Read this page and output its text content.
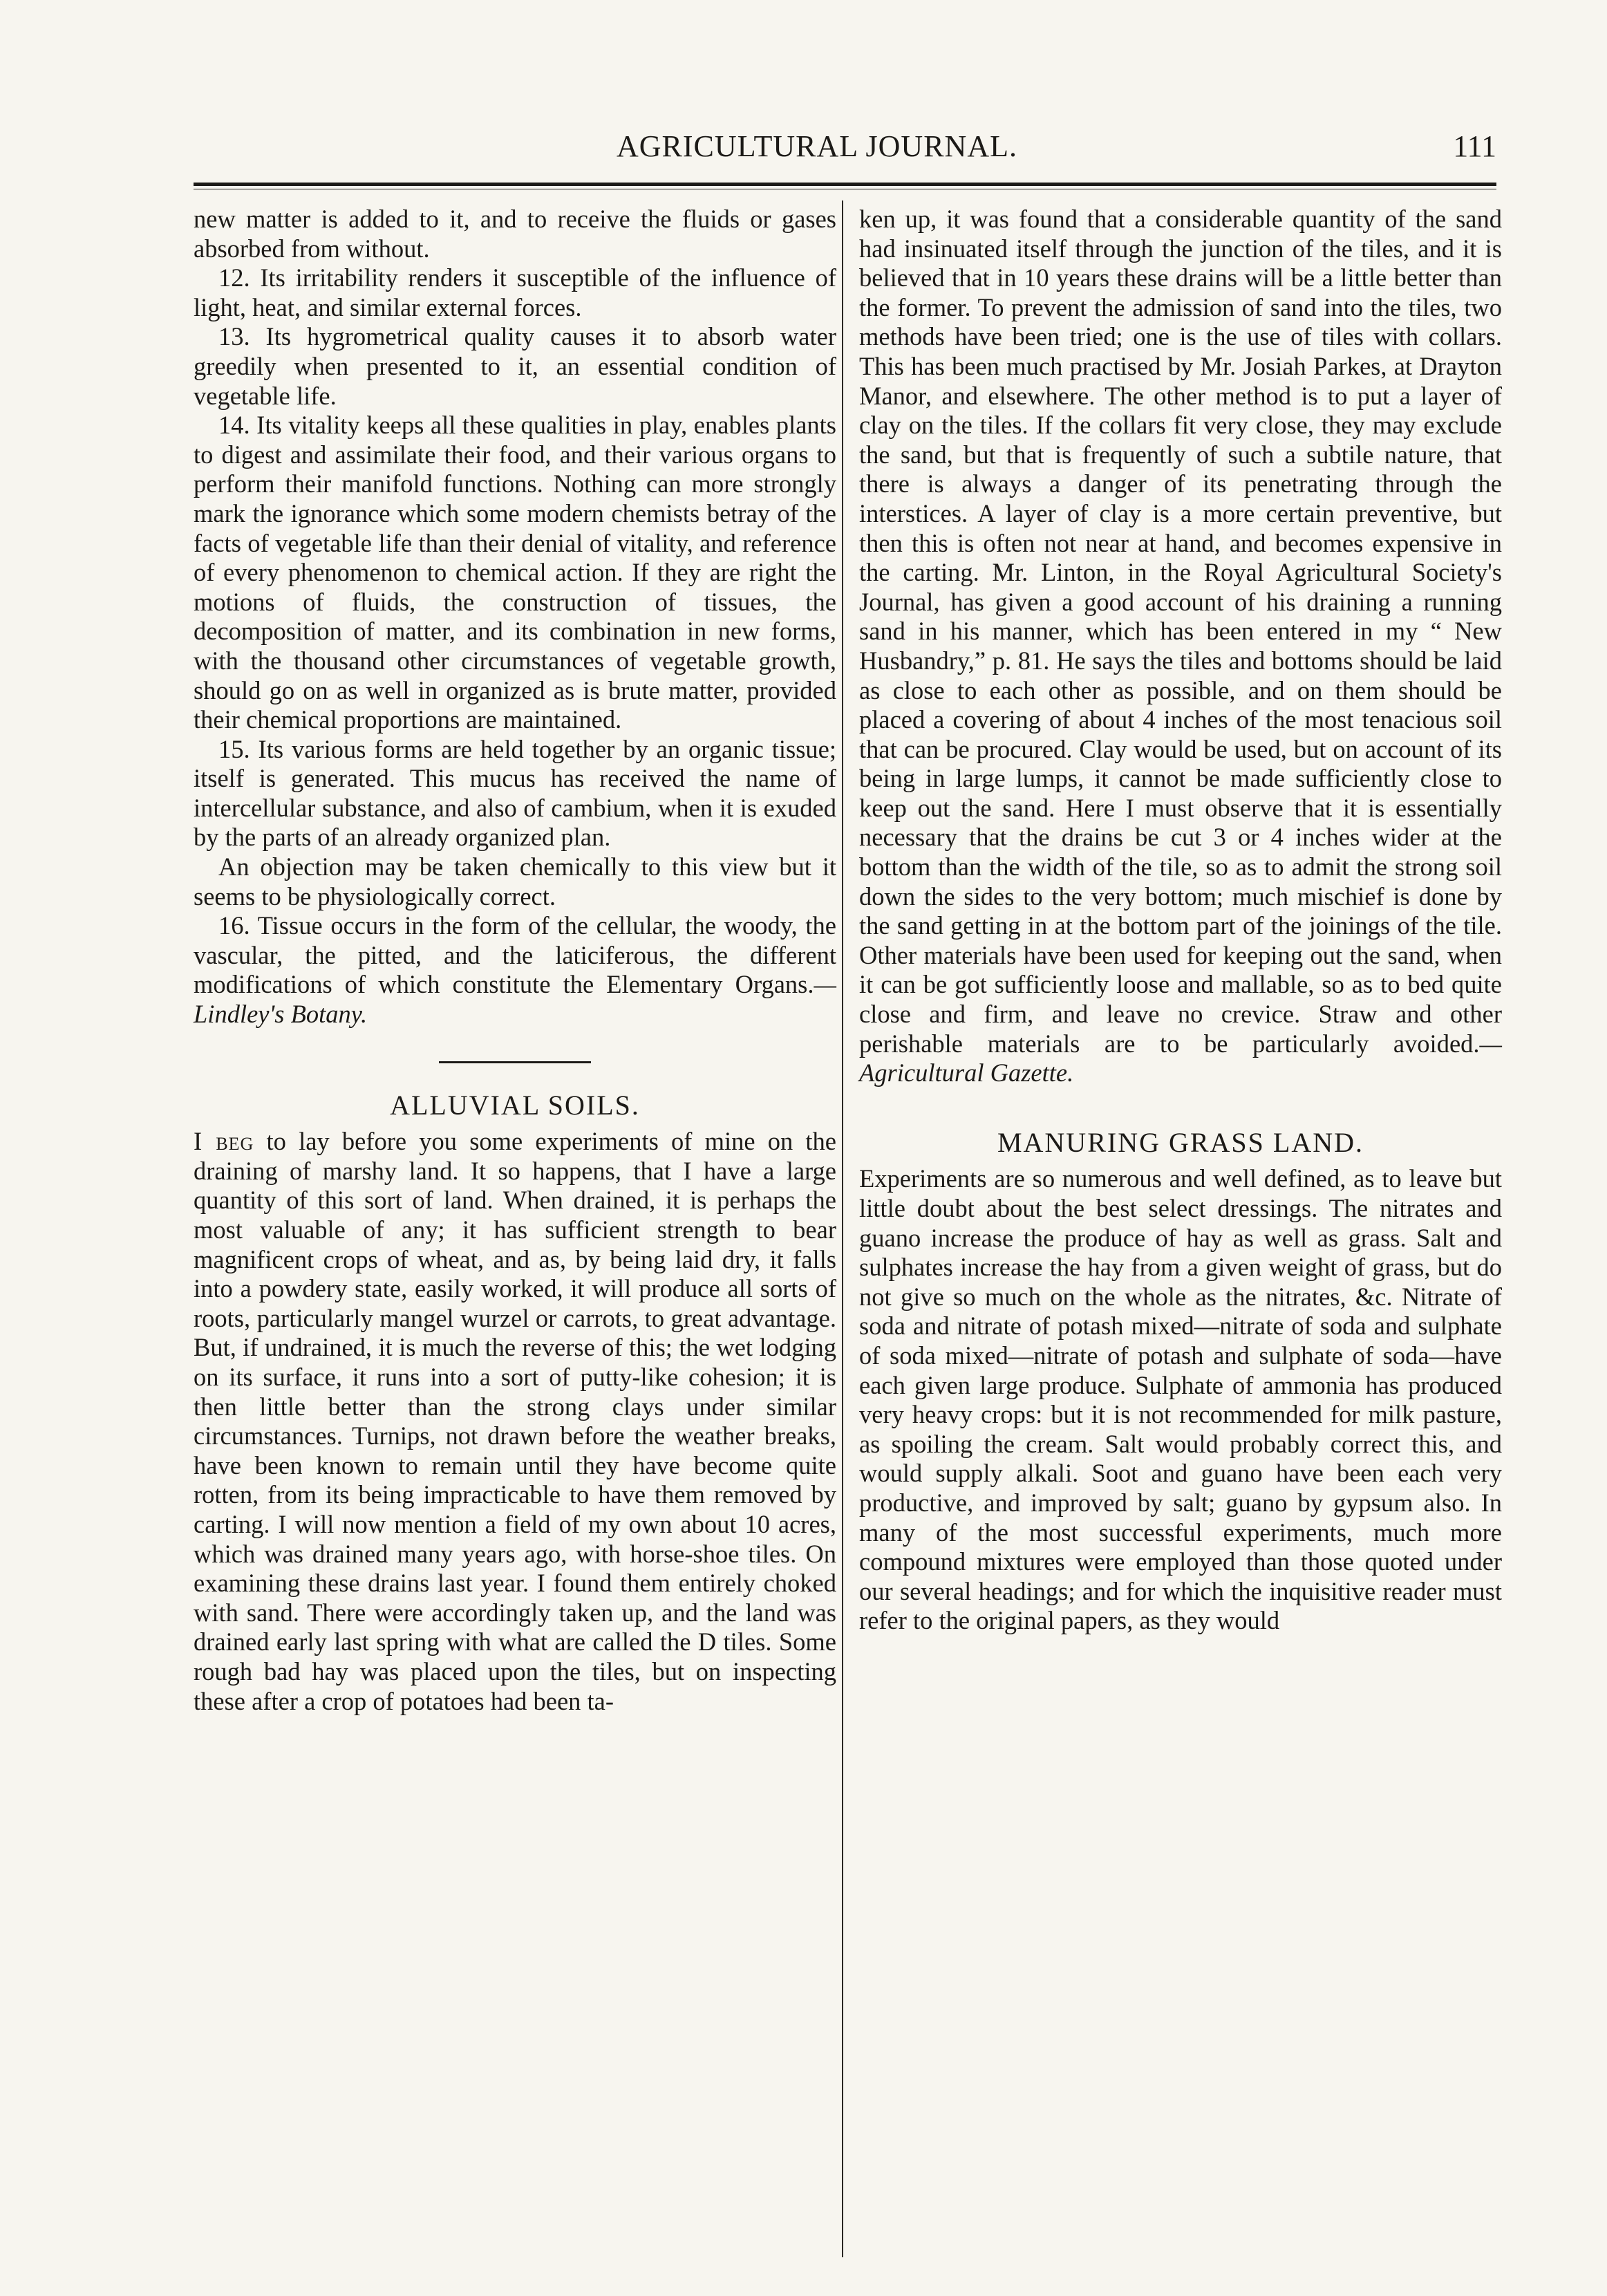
AGRICULTURAL JOURNAL.	111

new matter is added to it, and to receive the fluids or gases absorbed from without.

12. Its irritability renders it susceptible of the influence of light, heat, and similar external forces.

13. Its hygrometrical quality causes it to absorb water greedily when presented to it, an essential condition of vegetable life.

14. Its vitality keeps all these qualities in play, enables plants to digest and assimilate their food, and their various organs to perform their manifold functions. Nothing can more strongly mark the ignorance which some modern chemists betray of the facts of vegetable life than their denial of vitality, and reference of every phenomenon to chemical action. If they are right the motions of fluids, the construction of tissues, the decomposition of matter, and its combination in new forms, with the thousand other circumstances of vegetable growth, should go on as well in organized as is brute matter, provided their chemical proportions are maintained.

15. Its various forms are held together by an organic tissue; itself is generated. This mucus has received the name of intercellular substance, and also of cambium, when it is exuded by the parts of an already organized plan.

An objection may be taken chemically to this view but it seems to be physiologically correct.

16. Tissue occurs in the form of the cellular, the woody, the vascular, the pitted, and the laticiferous, the different modifications of which constitute the Elementary Organs.—Lindley's Botany.

ALLUVIAL SOILS.

I beg to lay before you some experiments of mine on the draining of marshy land. It so happens, that I have a large quantity of this sort of land. When drained, it is perhaps the most valuable of any; it has sufficient strength to bear magnificent crops of wheat, and as, by being laid dry, it falls into a powdery state, easily worked, it will produce all sorts of roots, particularly mangel wurzel or carrots, to great advantage. But, if undrained, it is much the reverse of this; the wet lodging on its surface, it runs into a sort of putty-like cohesion; it is then little better than the strong clays under similar circumstances. Turnips, not drawn before the weather breaks, have been known to remain until they have become quite rotten, from its being impracticable to have them removed by carting. I will now mention a field of my own about 10 acres, which was drained many years ago, with horse-shoe tiles. On examining these drains last year. I found them entirely choked with sand. There were accordingly taken up, and the land was drained early last spring with what are called the D tiles. Some rough bad hay was placed upon the tiles, but on inspecting these after a crop of potatoes had been ta-

ken up, it was found that a considerable quantity of the sand had insinuated itself through the junction of the tiles, and it is believed that in 10 years these drains will be a little better than the former. To prevent the admission of sand into the tiles, two methods have been tried; one is the use of tiles with collars. This has been much practised by Mr. Josiah Parkes, at Drayton Manor, and elsewhere. The other method is to put a layer of clay on the tiles. If the collars fit very close, they may exclude the sand, but that is frequently of such a subtile nature, that there is always a danger of its penetrating through the interstices. A layer of clay is a more certain preventive, but then this is often not near at hand, and becomes expensive in the carting. Mr. Linton, in the Royal Agricultural Society's Journal, has given a good account of his draining a running sand in his manner, which has been entered in my “ New Husbandry,” p. 81. He says the tiles and bottoms should be laid as close to each other as possible, and on them should be placed a covering of about 4 inches of the most tenacious soil that can be procured. Clay would be used, but on account of its being in large lumps, it cannot be made sufficiently close to keep out the sand. Here I must observe that it is essentially necessary that the drains be cut 3 or 4 inches wider at the bottom than the width of the tile, so as to admit the strong soil down the sides to the very bottom; much mischief is done by the sand getting in at the bottom part of the joinings of the tile. Other materials have been used for keeping out the sand, when it can be got sufficiently loose and mallable, so as to bed quite close and firm, and leave no crevice. Straw and other perishable materials are to be particularly avoided.—Agricultural Gazette.

MANURING GRASS LAND.

Experiments are so numerous and well defined, as to leave but little doubt about the best select dressings. The nitrates and guano increase the produce of hay as well as grass. Salt and sulphates increase the hay from a given weight of grass, but do not give so much on the whole as the nitrates, &c. Nitrate of soda and nitrate of potash mixed—nitrate of soda and sulphate of soda mixed—nitrate of potash and sulphate of soda—have each given large produce. Sulphate of ammonia has produced very heavy crops: but it is not recommended for milk pasture, as spoiling the cream. Salt would probably correct this, and would supply alkali. Soot and guano have been each very productive, and improved by salt; guano by gypsum also. In many of the most successful experiments, much more compound mixtures were employed than those quoted under our several headings; and for which the inquisitive reader must refer to the original papers, as they would
